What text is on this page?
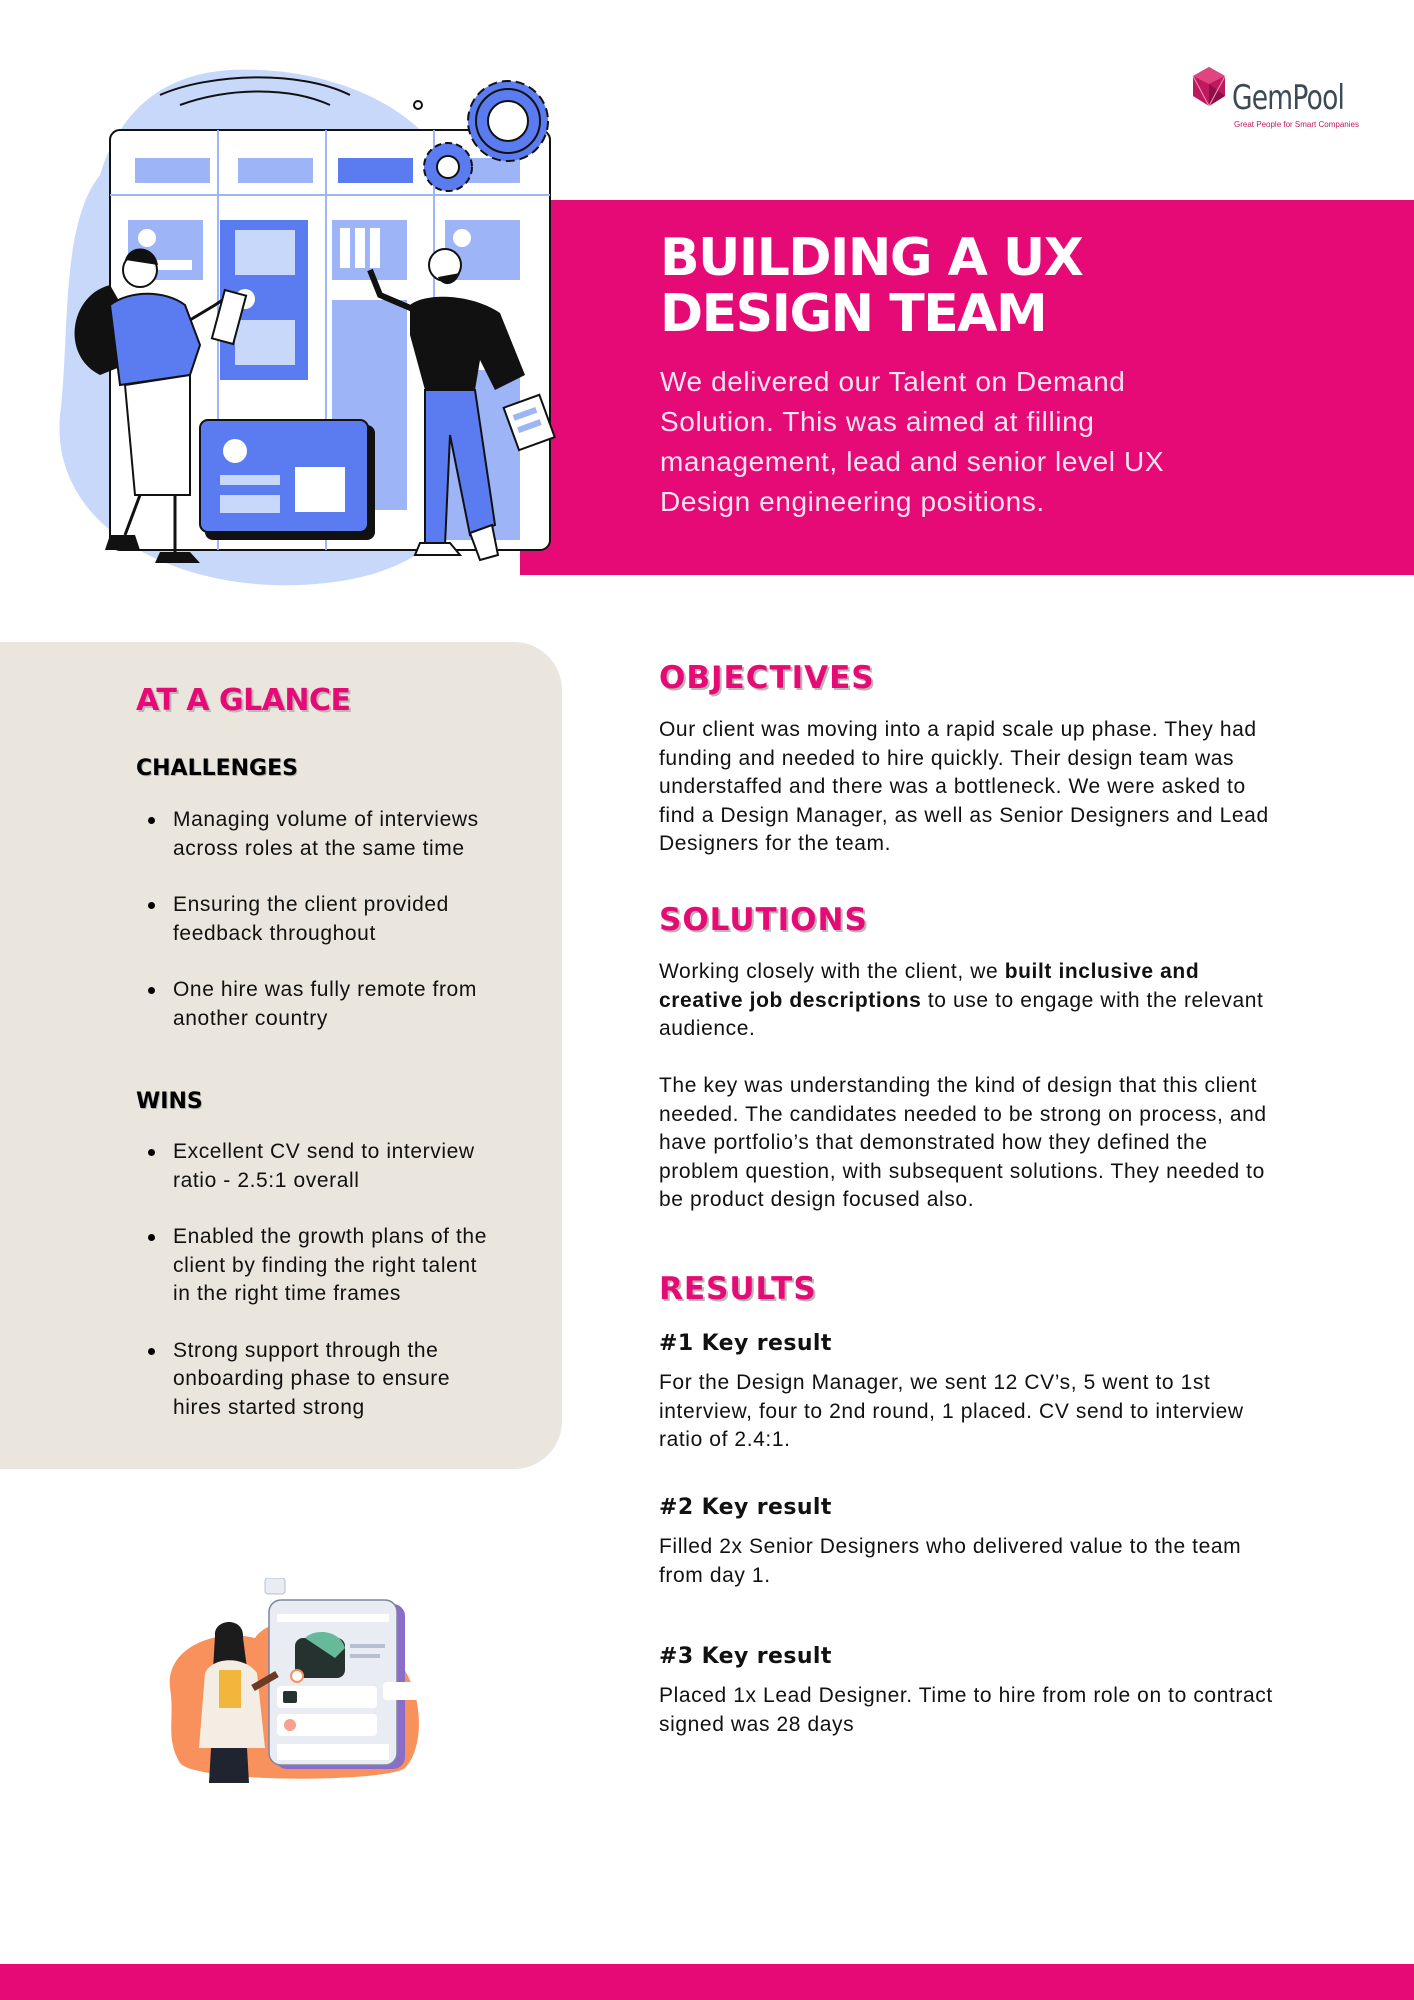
GemPool
Great People for Smart Companies
BUILDING A UX DESIGN TEAM

We delivered our Talent on Demand Solution. This was aimed at filling management, lead and senior level UX Design engineering positions.

AT A GLANCE
CHALLENGES
Managing volume of interviews across roles at the same time
Ensuring the client provided feedback throughout
One hire was fully remote from another country
WINS
Excellent CV send to interview ratio - 2.5:1 overall
Enabled the growth plans of the client by finding the right talent in the right time frames
Strong support through the onboarding phase to ensure hires started strong
OBJECTIVES

Our client was moving into a rapid scale up phase. They had funding and needed to hire quickly. Their design team was understaffed and there was a bottleneck. We were asked to find a Design Manager, as well as Senior Designers and Lead Designers for the team.

SOLUTIONS

Working closely with the client, we built inclusive and creative job descriptions to use to engage with the relevant audience.

The key was understanding the kind of design that this client needed. The candidates needed to be strong on process, and have portfolio’s that demonstrated how they defined the problem question, with subsequent solutions. They needed to be product design focused also.

RESULTS
#1 Key result

For the Design Manager, we sent 12 CV’s, 5 went to 1st interview, four to 2nd round, 1 placed. CV send to interview ratio of 2.4:1.

#2 Key result

Filled 2x Senior Designers who delivered value to the team from day 1.

#3 Key result

Placed 1x Lead Designer. Time to hire from role on to contract signed was 28 days
